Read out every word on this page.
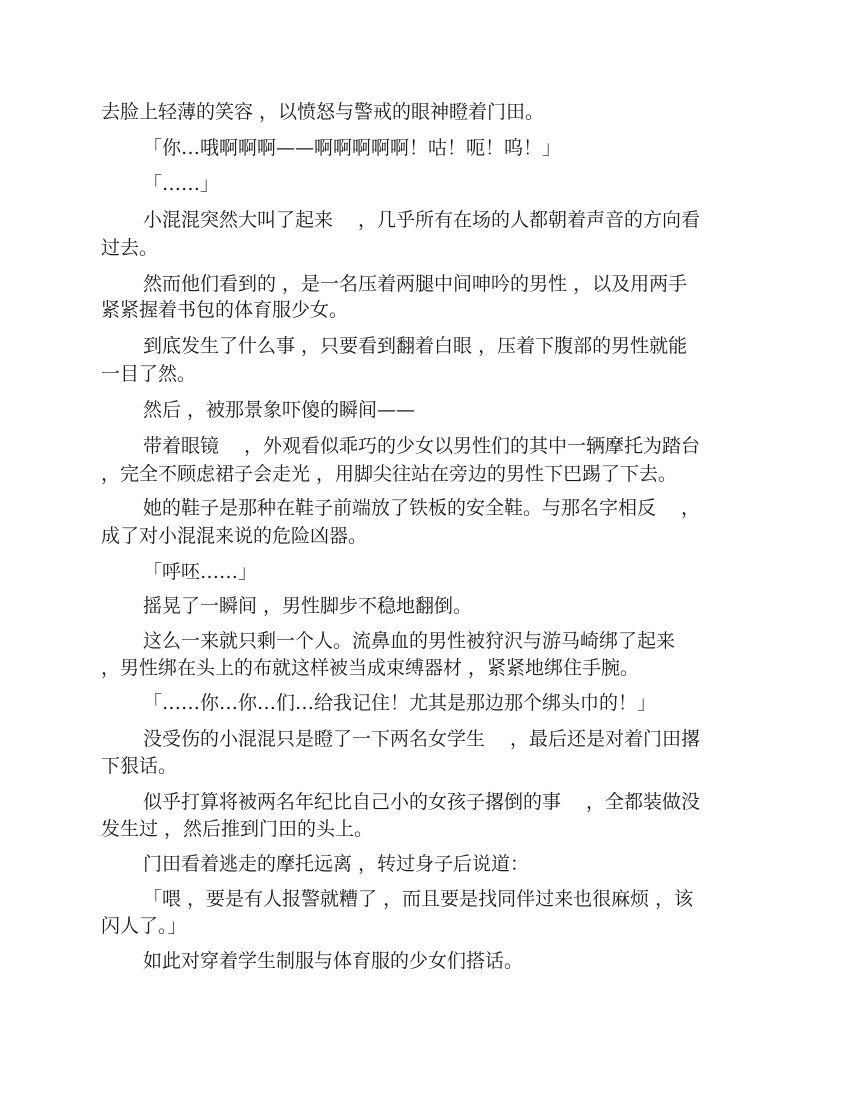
去脸上轻薄的笑容 ，以愤怒与警戒的眼神瞪着门田。
「你…哦啊啊啊——啊啊啊啊啊！咕！呃！呜！」
「……」
小混混突然大叫了起来 　，几乎所有在场的人都朝着声音的方向看
过去。
然而他们看到的 ，是一名压着两腿中间呻吟的男性 ，以及用两手
紧紧握着书包的体育服少女。
到底发生了什么事 ，只要看到翻着白眼 ，压着下腹部的男性就能
一目了然。
然后 ，被那景象吓傻的瞬间——
带着眼镜 　，外观看似乖巧的少女以男性们的其中一辆摩托为踏台
，完全不顾虑裙子会走光 ，用脚尖往站在旁边的男性下巴踢了下去。
她的鞋子是那种在鞋子前端放了铁板的安全鞋。与那名字相反 　，
成了对小混混来说的危险凶器。
「呼呸……」
摇晃了一瞬间 ，男性脚步不稳地翻倒。
这么一来就只剩一个人。流鼻血的男性被狩沢与游马崎绑了起来
，男性绑在头上的布就这样被当成束缚器材 ，紧紧地绑住手腕。
「……你…你…们…给我记住！尤其是那边那个绑头巾的！」
没受伤的小混混只是瞪了一下两名女学生 　，最后还是对着门田撂
下狠话。
似乎打算将被两名年纪比自己小的女孩子撂倒的事 　，全都装做没
发生过 ，然后推到门田的头上。
门田看着逃走的摩托远离 ，转过身子后说道：
「喂 ，要是有人报警就糟了 ，而且要是找同伴过来也很麻烦 ，该
闪人了。」
如此对穿着学生制服与体育服的少女们搭话。
